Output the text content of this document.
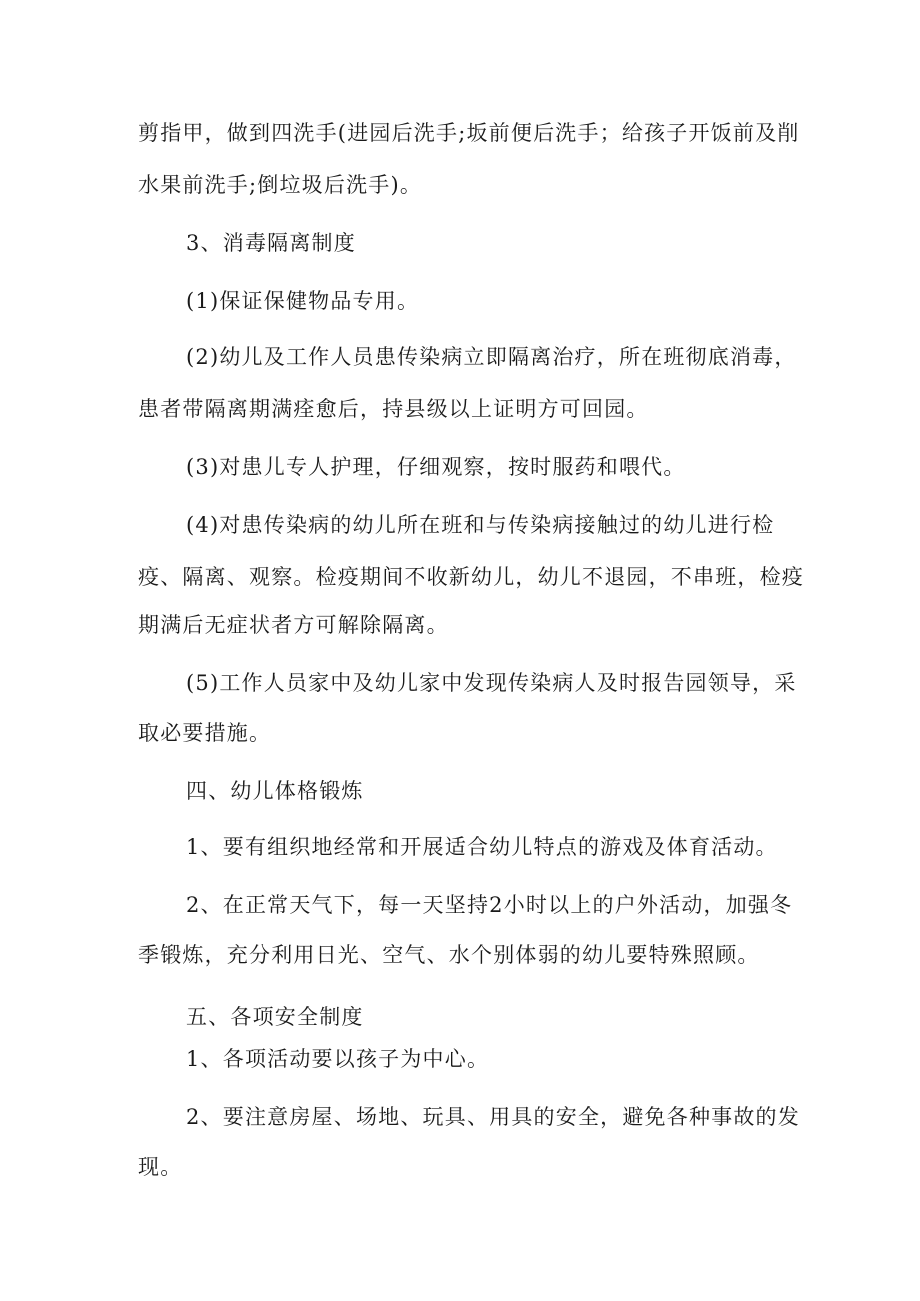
剪指甲，做到四洗手(进园后洗手;坂前便后洗手；给孩子开饭前及削
水果前洗手;倒垃圾后洗手)。
3、消毒隔离制度
(1)保证保健物品专用。
(2)幼儿及工作人员患传染病立即隔离治疗，所在班彻底消毒，
患者带隔离期满痊愈后，持县级以上证明方可回园。
(3)对患儿专人护理，仔细观察，按时服药和喂代。
(4)对患传染病的幼儿所在班和与传染病接触过的幼儿进行检
疫、隔离、观察。检疫期间不收新幼儿，幼儿不退园，不串班，检疫
期满后无症状者方可解除隔离。
(5)工作人员家中及幼儿家中发现传染病人及时报告园领导，采
取必要措施。
四、幼儿体格锻炼
1、要有组织地经常和开展适合幼儿特点的游戏及体育活动。
2、在正常天气下，每一天坚持2小时以上的户外活动，加强冬
季锻炼，充分利用日光、空气、水个别体弱的幼儿要特殊照顾。
五、各项安全制度
1、各项活动要以孩子为中心。
2、要注意房屋、场地、玩具、用具的安全，避免各种事故的发
现。
